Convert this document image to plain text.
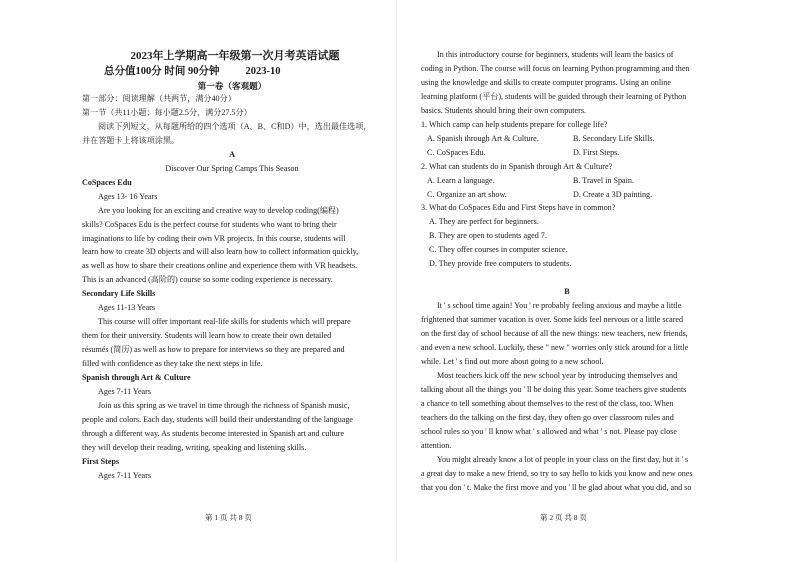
2023年上学期高一年级第一次月考英语试题
总分值100分 时间 90分钟 2023-10
第一卷（客观题）
第一部分：阅读理解（共两节，满分40分）
第一节（共11小题；每小题2.5分，满分27.5分）
阅读下列短文，从每题所给的四个选项（A、B、C和D）中，选出最佳选项，
并在答题卡上将该项涂黑。
A
Discover Our Spring Camps This Season
CoSpaces Edu
Ages 13- 16 Years
Are you looking for an exciting and creative way to develop coding(编程)
skills? CoSpaces Edu is the perfect course for students who want to bring their
imaginations to life by coding their own VR projects. In this course, students will
learn how to create 3D objects and will also learn how to collect information quickly,
as well as how to share their creations online and experience them with VR headsets.
This is an advanced (高阶的) course so some coding experience is necessary.
Secondary Life Skills
Ages 11-13 Years
This course will offer important real-life skills for students which will prepare
them for their university. Students will learn how to create their own detailed
résumés (简历) as well as how to prepare for interviews so they are prepared and
filled with confidence as they take the next steps in life.
Spanish through Art & Culture
Ages 7-11 Years
Join us this spring as we travel in time through the richness of Spanish music,
people and colors. Each day, students will build their understanding of the language
through a different way. As students become interested in Spanish art and culture
they will develop their reading, writing, speaking and listening skills.
First Steps
Ages 7-11 Years
第 1 页 共 8 页
In this introductory course for beginners, students will learn the basics of
coding in Python. The course will focus on learning Python programming and then
using the knowledge and skills to create computer programs. Using an online
learning platform (平台), students will be guided through their learning of Python
basics. Students should bring their own computers.
1. Which camp can help students prepare for college life?
A. Spanish through Art & Culture.	B. Secondary Life Skills.
C. CoSpaces Edu.	D. First Steps.
2. What can students do in Spanish through Art & Culture?
A. Learn a language.	B. Travel in Spain.
C. Organize an art show.	D. Create a 3D painting.
3. What do CoSpaces Edu and First Steps have in common?
A. They are perfect for beginners.
B. They are open to students aged 7.
C. They offer courses in computer science.
D. They provide free computers to students.
B
It ' s school time again! You ' re probably feeling anxious and maybe a little
frightened that summer vacation is over. Some kids feel nervous or a little scared
on the first day of school because of all the new things: new teachers, new friends,
and even a new school. Luckily, these " new " worries only stick around for a little
while. Let ' s find out more about going to a new school.
Most teachers kick off the new school year by introducing themselves and
talking about all the things you ' ll be doing this year. Some teachers give students
a chance to tell something about themselves to the rest of the class, too. When
teachers do the talking on the first day, they often go over classroom rules and
school rules so you ' ll know what ' s allowed and what ' s not. Please pay close
attention.
You might already know a lot of people in your class on the first day, but it ' s
a great day to make a new friend, so try to say hello to kids you know and new ones
that you don ' t. Make the first move and you ' ll be glad about what you did, and so
第 2 页 共 8 页
